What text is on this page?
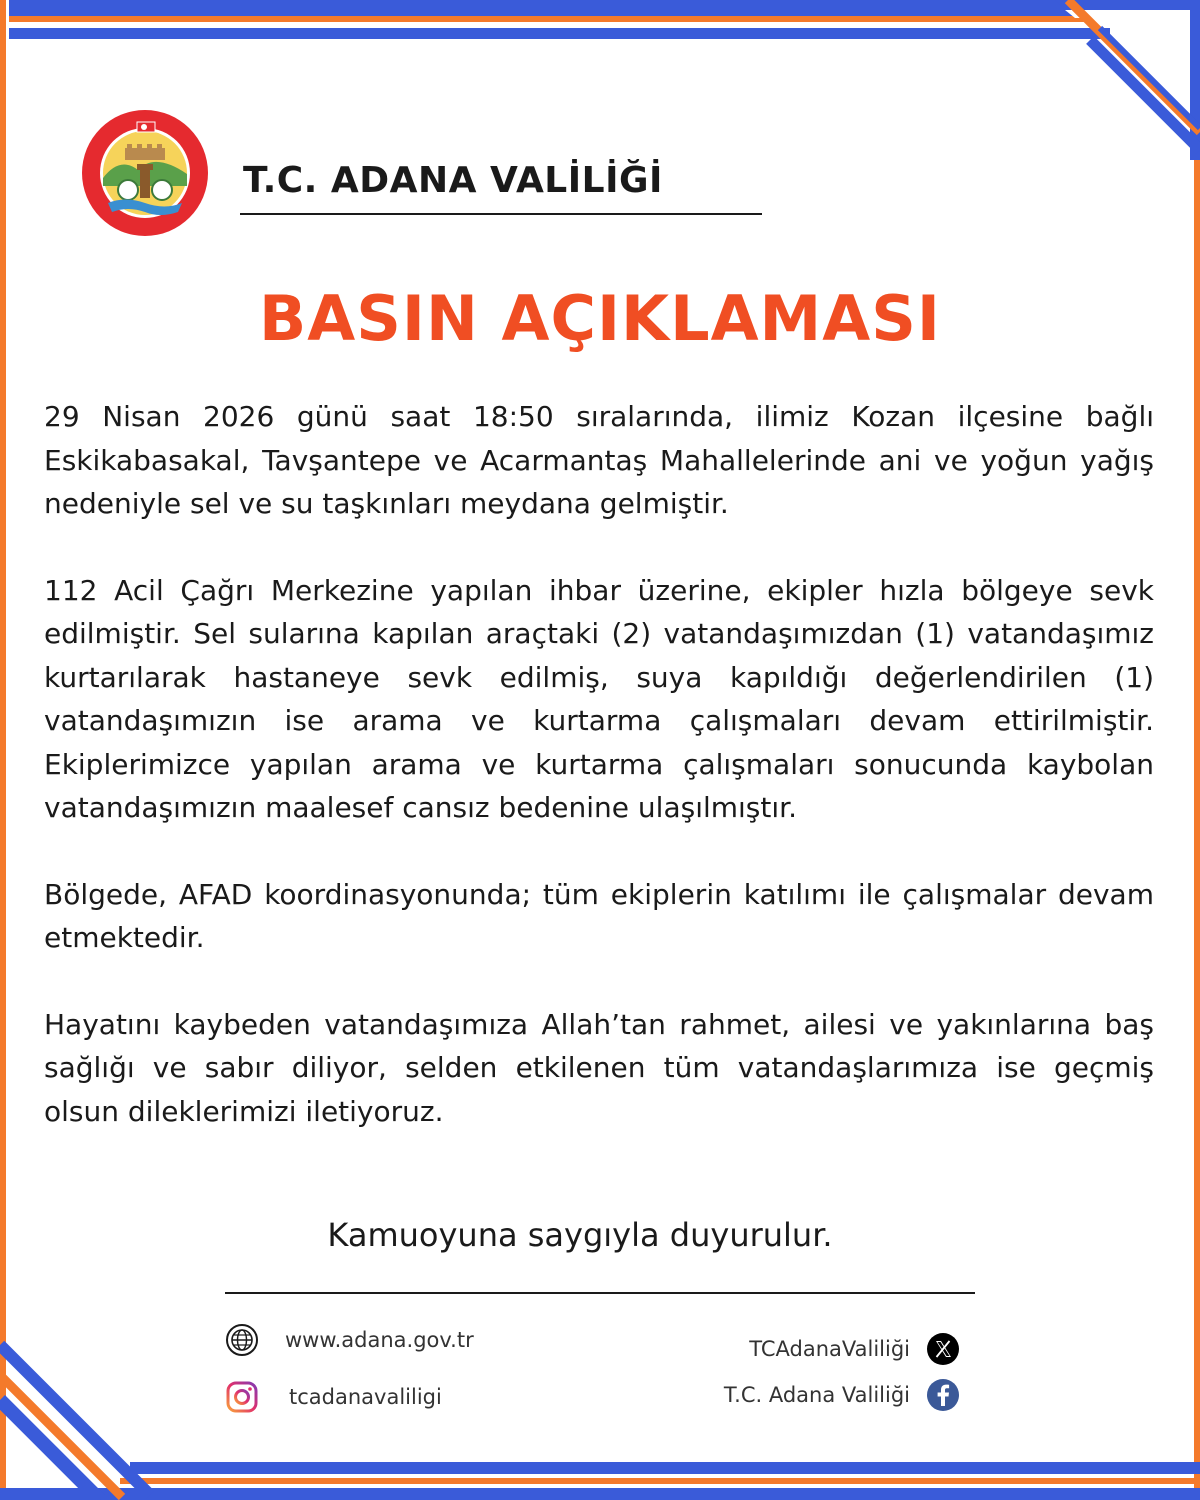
T.C. ADANA VALİLİĞİ
BASIN AÇIKLAMASI

29 Nisan 2026 günü saat 18:50 sıralarında, ilimiz Kozan ilçesine bağlı Eskikabasakal, Tavşantepe ve Acarmantaş Mahallelerinde ani ve yoğun yağış nedeniyle sel ve su taşkınları meydana gelmiştir.

112 Acil Çağrı Merkezine yapılan ihbar üzerine, ekipler hızla bölgeye sevk edilmiştir. Sel sularına kapılan araçtaki (2) vatandaşımızdan (1) vatandaşımız kurtarılarak hastaneye sevk edilmiş, suya kapıldığı değerlendirilen (1) vatandaşımızın ise arama ve kurtarma çalışmaları devam ettirilmiştir. Ekiplerimizce yapılan arama ve kurtarma çalışmaları sonucunda kaybolan vatandaşımızın maalesef cansız bedenine ulaşılmıştır.

Bölgede, AFAD koordinasyonunda; tüm ekiplerin katılımı ile çalışmalar devam etmektedir.

Hayatını kaybeden vatandaşımıza Allah’tan rahmet, ailesi ve yakınlarına baş sağlığı ve sabır diliyor, selden etkilenen tüm vatandaşlarımıza ise geçmiş olsun dileklerimizi iletiyoruz.

Kamuoyuna saygıyla duyurulur.
www.adana.gov.tr
tcadanavaliligi
TCAdanaValiliği
T.C. Adana Valiliği
